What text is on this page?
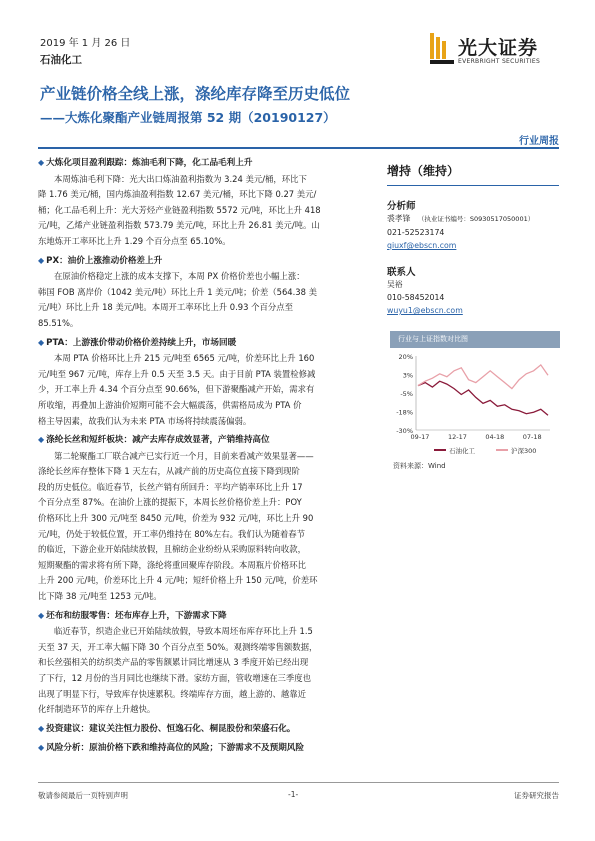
2019 年 1 月 26 日
石油化工
光大证券
EVERBRIGHT SECURITIES
产业链价格全线上涨，涤纶库存降至历史低位
——大炼化聚酯产业链周报第 52 期（20190127）
行业周报
◆ 大炼化项目盈利跟踪：炼油毛利下降，化工品毛利上升
本周炼油毛利下降：光大出口炼油盈利指数为 3.24 美元/桶，环比下
降 1.76 美元/桶，国内炼油盈利指数 12.67 美元/桶，环比下降 0.27 美元/
桶；化工品毛利上升：光大芳烃产业链盈利指数 5572 元/吨，环比上升 418
元/吨，乙烯产业链盈利指数 573.79 美元/吨，环比上升 26.81 美元/吨。山
东地炼开工率环比上升 1.29 个百分点至 65.10%。
◆ PX：油价上涨推动价格差上升
在原油价格稳定上涨的成本支撑下，本周 PX 价格价差也小幅上涨：
韩国 FOB 离岸价（1042 美元/吨）环比上升 1 美元/吨；价差（564.38 美
元/吨）环比上升 18 美元/吨。本周开工率环比上升 0.93 个百分点至
85.51%。
◆ PTA：上游涨价带动价格价差持续上升，市场回暖
本周 PTA 价格环比上升 215 元/吨至 6565 元/吨，价差环比上升 160
元/吨至 967 元/吨，库存上升 0.5 天至 3.5 天。由于目前 PTA 装置检修减
少，开工率上升 4.34 个百分点至 90.66%，但下游聚酯减产开始，需求有
所收缩，再叠加上游油价短期可能不会大幅震荡，供需格局成为 PTA 价
格主导因素，故我们认为未来 PTA 市场将持续震荡偏弱。
◆ 涤纶长丝和短纤板块：减产去库存成效显著，产销维持高位
第二轮聚酯工厂联合减产已实行近一个月，目前来看减产效果显著——
涤纶长丝库存整体下降 1 天左右，从减产前的历史高位直接下降到现阶
段的历史低位。临近春节，长丝产销有所回升：平均产销率环比上升 17
个百分点至 87%。在油价上涨的提振下，本周长丝价格价差上升：POY
价格环比上升 300 元/吨至 8450 元/吨，价差为 932 元/吨，环比上升 90
元/吨，仍处于较低位置，开工率仍维持在 80%左右。我们认为随着春节
的临近，下游企业开始陆续放假，且棉纺企业纷纷从采购原料转向收款，
短期聚酯的需求将有所下降，涤纶将重回聚库存阶段。本周瓶片价格环比
上升 200 元/吨，价差环比上升 4 元/吨；短纤价格上升 150 元/吨，价差环
比下降 38 元/吨至 1253 元/吨。
◆ 坯布和纺服零售：坯布库存上升，下游需求下降
临近春节，织造企业已开始陆续放假，导致本周坯布库存环比上升 1.5
天至 37 天，开工率大幅下降 30 个百分点至 50%。观测终端零售额数据，
和长丝强相关的纺织类产品的零售额累计同比增速从 3 季度开始已经出现
了下行，12 月份的当月同比也继续下滑。家纺方面，管收增速在三季度也
出现了明显下行，导致库存快速累积。终端库存方面，越上游的、越靠近
化纤制造环节的库存上升越快。
◆ 投资建议：建议关注恒力股份、恒逸石化、桐昆股份和荣盛石化。
◆ 风险分析：原油价格下跌和维持高位的风险；下游需求不及预期风险
增持（维持）
分析师
裘孝锋 （执业证书编号：S0930517050001）
021-52523174
qiuxf@ebscn.com
联系人
吴裕
010-58452014
wuyu1@ebscn.com
行业与上证指数对比图
20%
3%
-5%
-18%
-30%
09-17	12-17	04-18	07-18
石油化工	沪深300
资料来源：Wind
敬请参阅最后一页特别声明	-1-	证券研究报告
